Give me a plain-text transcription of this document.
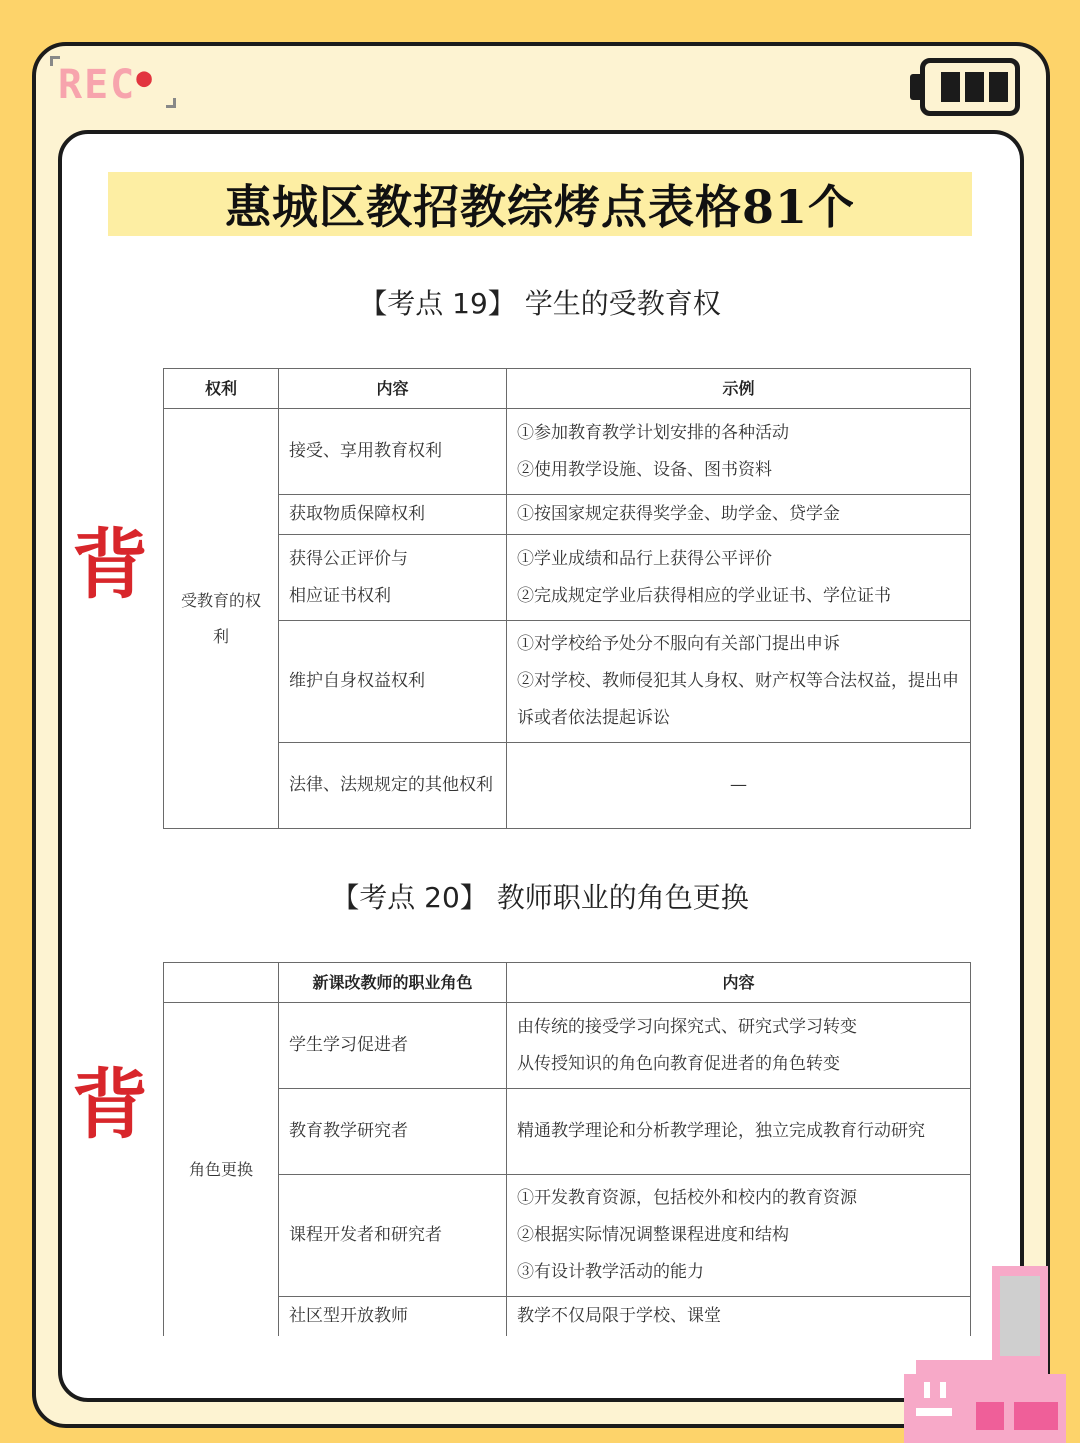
REC●
惠城区教招教综烤点表格81个
【考点 19】 学生的受教育权
背
权利	内容	示例
受教育的权利	接受、享用教育权利	①参加教育教学计划安排的各种活动
②使用教学设施、设备、图书资料

	获取物质保障权利	①按国家规定获得奖学金、助学金、贷学金

	获得公正评价与相应证书权利	①学业成绩和品行上获得公平评价
②完成规定学业后获得相应的学业证书、学位证书

	维护自身权益权利	①对学校给予处分不服向有关部门提出申诉
②对学校、教师侵犯其人身权、财产权等合法权益，提出申诉或者依法提起诉讼

	法律、法规规定的其他权利	—
【考点 20】 教师职业的角色更换
背
	新课改教师的职业角色	内容
角色更换	学生学习促进者	由传统的接受学习向探究式、研究式学习转变
从传授知识的角色向教育促进者的角色转变

	教育教学研究者	精通教学理论和分析教学理论，独立完成教育行动研究
	课程开发者和研究者	①开发教育资源，包括校外和校内的教育资源
②根据实际情况调整课程进度和结构
③有设计教学活动的能力

	社区型开放教师	教学不仅局限于学校、课堂
